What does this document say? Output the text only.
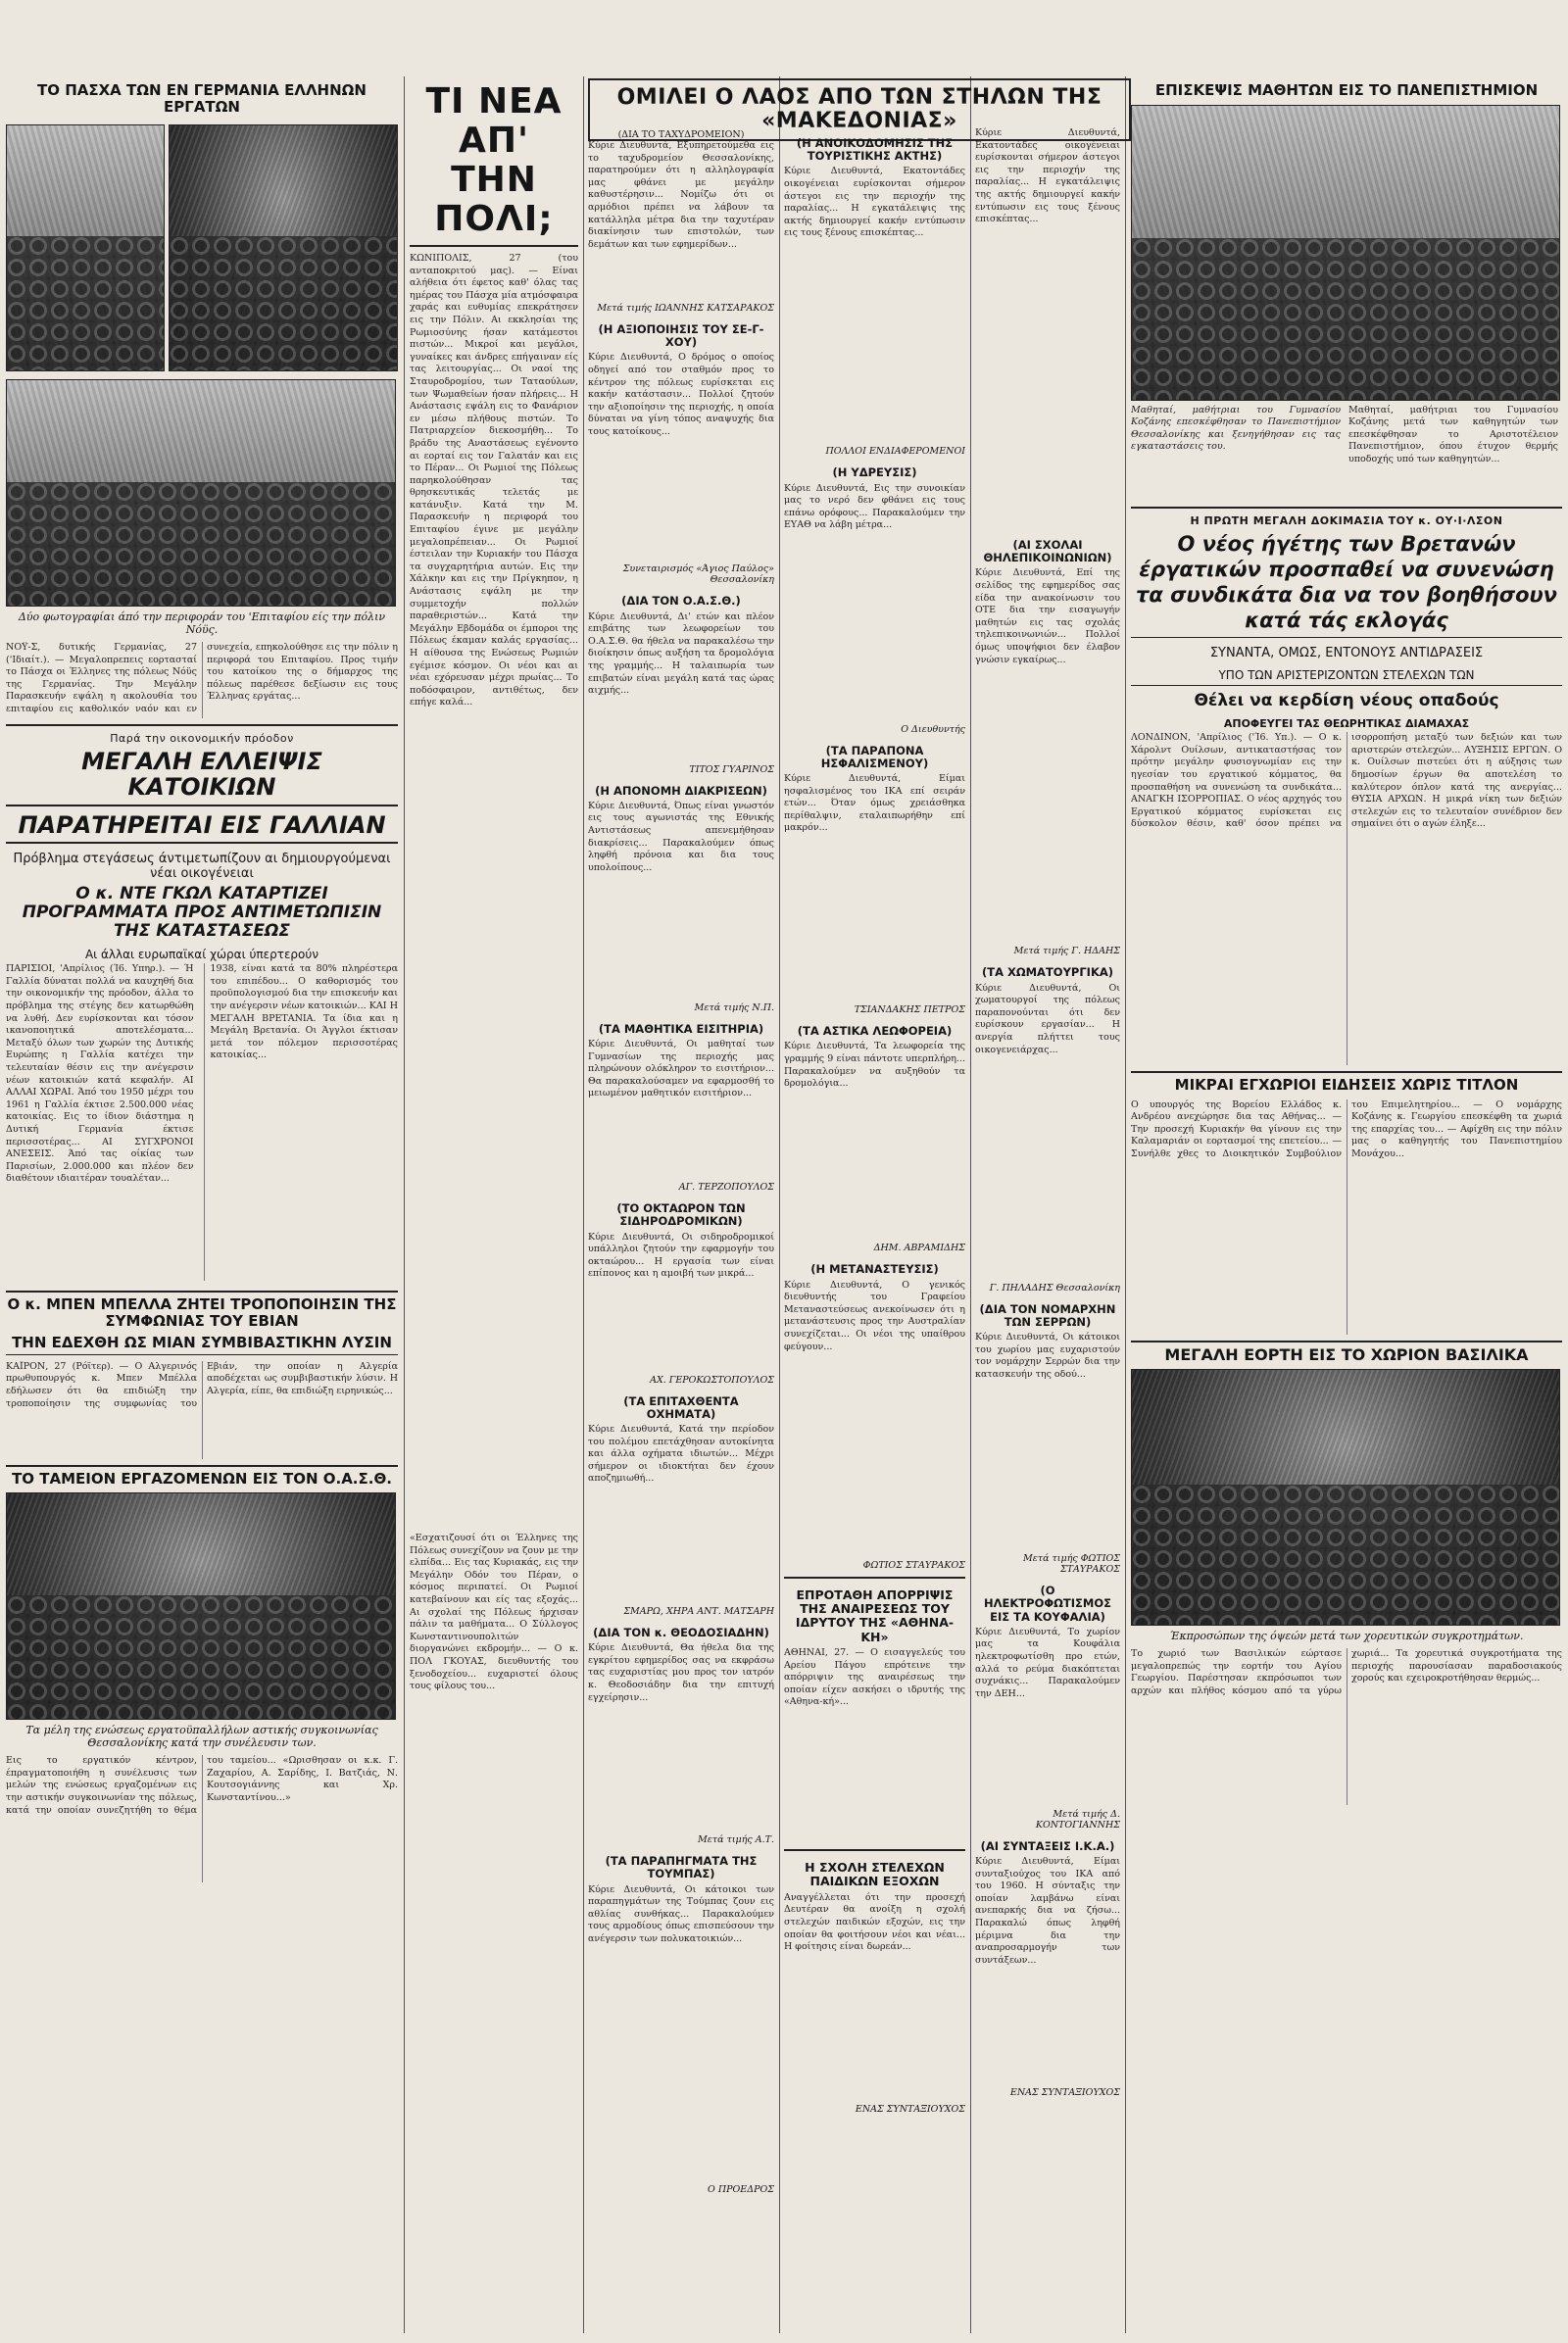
ΤΟ ΠΑΣΧΑ ΤΩΝ ΕΝ ΓΕΡΜΑΝΙΑ ΕΛΛΗΝΩΝ ΕΡΓΑΤΩΝ
Δύο φωτογραφίαι άπό την περιφοράν του 'Επιταφίου είς την πόλιν Νόϋς.

ΝΟΫ-Σ, δυτικής Γερμανίας, 27 ('Ιδιαίτ.). — Μεγαλοπρεπεις εορτασταί το Πάσχα οι Έλληνες της πόλεως Νόϋς της Γερμανίας. Την Μεγάλην Παρασκευήν εψάλη η ακολουθία του επιταφίου εις καθολικόν ναόν και εν συνεχεία, επηκολούθησε εις την πόλιν η περιφορά του Επιταφίου. Προς τιμήν του κατοίκου της ο δήμαρχος της πόλεως παρέθεσε δεξίωσιν εις τους Έλληνας εργάτας...

Παρά την οικονομικήν πρόοδον
ΜΕΓΑΛΗ ΕΛΛΕΙΨΙΣ ΚΑΤΟΙΚΙΩΝ
ΠΑΡΑΤΗΡΕΙΤΑΙ ΕΙΣ ΓΑΛΛΙΑΝ
Πρόβλημα στεγάσεως άντιμετωπίζουν αι δημιουργούμεναι νέαι οικογένειαι
Ο κ. ΝΤΕ ΓΚΩΛ ΚΑΤΑΡΤΙΖΕΙ ΠΡΟΓΡΑΜΜΑΤΑ ΠΡΟΣ ΑΝΤΙΜΕΤΩΠΙΣΙΝ ΤΗΣ ΚΑΤΑΣΤΑΣΕΩΣ
Αι άλλαι ευρωπαϊκαί χώραι ύπερτερούν

ΠΑΡΙΣΙΟΙ, 'Απρίλιος (Ί6. Υπηρ.). — Ή Γαλλία δύναται πολλά να καυχηθή δια την οικονομικήν της πρόοδον, άλλα το πρόβλημα της στέγης δεν κατωρθώθη να λυθή. Δεν ευρίσκονται και τόσον ικανοποιητικά αποτελέσματα... Μεταξύ όλων των χωρών της Δυτικής Ευρώπης η Γαλλία κατέχει την τελευταίαν θέσιν εις την ανέγερσιν νέων κατοικιών κατά κεφαλήν. ΑΙ ΑΛΛΑΙ ΧΩΡΑΙ. Άπό του 1950 μέχρι του 1961 η Γαλλία έκτισε 2.500.000 νέας κατοικίας. Εις το ίδιον διάστημα η Δυτική Γερμανία έκτισε περισσοτέρας... ΑΙ ΣΥΓΧΡΟΝΟΙ ΑΝΕΣΕΙΣ. Άπό τας οίκίας των Παρισίων, 2.000.000 και πλέον δεν διαθέτουν ιδιαιτέραν τουαλέταν...

1938, είναι κατά τα 80% πληρέστερα του επιπέδου... Ο καθορισμός του προϋπολογισμού δια την επισκευήν και την ανέγερσιν νέων κατοικιών... ΚΑΙ Η ΜΕΓΑΛΗ ΒΡΕΤΑΝΙΑ. Τα ίδια και η Μεγάλη Βρετανία. Οι Άγγλοι έκτισαν μετά τον πόλεμον περισσοτέρας κατοικίας...

Ο κ. ΜΠΕΝ ΜΠΕΛΛΑ ΖΗΤΕΙ ΤΡΟΠΟΠΟΙΗΣΙΝ ΤΗΣ ΣΥΜΦΩΝΙΑΣ ΤΟΥ ΕΒΙΑΝ
ΤΗΝ ΕΔΕΧΘΗ ΩΣ ΜΙΑΝ ΣΥΜΒΙΒΑΣΤΙΚΗΝ ΛΥΣΙΝ

ΚΑΪΡΟΝ, 27 (Ρόϊτερ). — Ο Αλγερινός πρωθυπουργός κ. Μπεν Μπέλλα εδήλωσεν ότι θα επιδιώξη την τροποποίησιν της συμφωνίας του Εβιάν, την οποίαν η Αλγερία αποδέχεται ως συμβιβαστικήν λύσιν. Η Αλγερία, είπε, θα επιδιώξη ειρηνικώς...

ΤΟ ΤΑΜΕΙΟΝ ΕΡΓΑΖΟΜΕΝΩΝ ΕΙΣ ΤΟΝ Ο.Α.Σ.Θ.
Τα μέλη της ενώσεως εργατοϋπαλλήλων αστικής συγκοινωνίας Θεσσαλονίκης κατά την συνέλευσιν των.

Εις το εργατικόν κέντρον, έπραγματοποιήθη η συνέλευσις των μελών της ενώσεως εργαζομένων εις την αστικήν συγκοινωνίαν της πόλεως, κατά την οποίαν συνεζητήθη το θέμα του ταμείου... «Ωρισθησαν οι κ.κ. Γ. Ζαχαρίου, Α. Σαρίδης, Ι. Βατζιάς, Ν. Κουτσογιάννης και Χρ. Κωνσταντίνου...»

ΤΙ ΝΕΑ ΑΠ' ΤΗΝ ΠΟΛΙ;

ΚΩΝΙΠΟΛΙΣ, 27 (του ανταποκριτού μας). — Είναι αλήθεια ότι έφετος καθ' όλας τας ημέρας του Πάσχα μία ατμόσφαιρα χαράς και ευθυμίας επεκράτησεν εις την Πόλιν. Αι εκκλησίαι της Ρωμιοσύνης ήσαν κατάμεστοι πιστών... Μικροί και μεγάλοι, γυναίκες και άνδρες επήγαιναν είς τας λειτουργίας... Οι ναοί της Σταυροδρομίου, των Ταταούλων, των Ψωμαθείων ήσαν πλήρεις... Η Ανάστασις εψάλη εις το Φανάριον εν μέσω πλήθους πιστών. Το Πατριαρχείον διεκοσμήθη... Το βράδυ της Αναστάσεως εγένοντο αι εορταί εις τον Γαλατάν και εις το Πέραν... Οι Ρωμιοί της Πόλεως παρηκολούθησαν τας θρησκευτικάς τελετάς με κατάνυξιν. Κατά την Μ. Παρασκευήν η περιφορά του Επιταφίου έγινε με μεγάλην μεγαλοπρέπειαν... Οι Ρωμιοί έστειλαν την Κυριακήν του Πάσχα τα συγχαρητήρια αυτών. Εις την Χάλκην και εις την Πρίγκηπον, η Ανάστασις εψάλη με την συμμετοχήν πολλών παραθεριστών... Κατά την Μεγάλην Εβδομάδα οι έμποροι της Πόλεως έκαμαν καλάς εργασίας... Η αίθουσα της Ενώσεως Ρωμιών εγέμισε κόσμον. Οι νέοι και αι νέαι εχόρευσαν μέχρι πρωίας... Το ποδόσφαιρον, αντιθέτως, δεν επήγε καλά...

«Εσχατιζουσί ότι οι Έλληνες της Πόλεως συνεχίζουν να ζουν με την ελπίδα... Εις τας Κυριακάς, εις την Μεγάλην Οδόν του Πέραν, ο κόσμος περιπατεί. Οι Ρωμιοί κατεβαίνουν και είς τας εξοχάς... Αι σχολαί της Πόλεως ήρχισαν πάλιν τα μαθήματα... Ο Σύλλογος Κωνσταντινουπολιτών διοργανώνει εκδρομήν... — Ο κ. ΠΟΛ ΓΚΟΥΑΣ, διευθυντής του ξενοδοχείου... ευχαριστεί όλους τους φίλους του...

ΟΜΙΛΕΙ Ο ΛΑΟΣ ΑΠΟ ΤΩΝ ΣΤΗΛΩΝ ΤΗΣ «ΜΑΚΕΔΟΝΙΑΣ»
(ΔΙΑ ΤΟ ΤΑΧΥΔΡΟΜΕΙΟΝ)

Κύριε Διευθυντά, Εξυπηρετούμεθα εις το ταχυδρομείον Θεσσαλονίκης, παρατηρούμεν ότι η αλληλογραφία μας φθάνει με μεγάλην καθυστέρησιν... Νομίζω ότι οι αρμόδιοι πρέπει να λάβουν τα κατάλληλα μέτρα δια την ταχυτέραν διακίνησιν των επιστολών, των δεμάτων και των εφημερίδων...

Μετά τιμής ΙΩΑΝΝΗΣ ΚΑΤΣΑΡΑΚΟΣ
(Η ΑΞΙΟΠΟΙΗΣΙΣ ΤΟΥ ΣΕ-Γ-ΧΟΥ)

Κύριε Διευθυντά, Ο δρόμος ο οποίος οδηγεί από τον σταθμόν προς το κέντρον της πόλεως ευρίσκεται εις κακήν κατάστασιν... Πολλοί ζητούν την αξιοποίησιν της περιοχής, η οποία δύναται να γίνη τόπος αναψυχής δια τους κατοίκους...

Συνεταιρισμός «Άγιος Παύλος» Θεσσαλονίκη
(ΔΙΑ ΤΟΝ Ο.Α.Σ.Θ.)

Κύριε Διευθυντά, Δι' ετών και πλέον επιβάτης των λεωφορείων του Ο.Α.Σ.Θ. θα ήθελα να παρακαλέσω την διοίκησιν όπως αυξήση τα δρομολόγια της γραμμής... Η ταλαιπωρία των επιβατών είναι μεγάλη κατά τας ώρας αιχμής...

ΤΙΤΟΣ ΓΥΑΡΙΝΟΣ
(Η ΑΠΟΝΟΜΗ ΔΙΑΚΡΙΣΕΩΝ)

Κύριε Διευθυντά, Όπως είναι γνωστόν εις τους αγωνιστάς της Εθνικής Αντιστάσεως απενεμήθησαν διακρίσεις... Παρακαλούμεν όπως ληφθή πρόνοια και δια τους υπολοίπους...

Μετά τιμής Ν.Π.
(ΤΑ ΜΑΘΗΤΙΚΑ ΕΙΣΙΤΗΡΙΑ)

Κύριε Διευθυντά, Οι μαθηταί των Γυμνασίων της περιοχής μας πληρώνουν ολόκληρον το εισιτήριον... Θα παρακαλούσαμεν να εφαρμοσθή το μειωμένον μαθητικόν εισιτήριον...

ΑΓ. ΤΕΡΖΟΠΟΥΛΟΣ
(ΤΟ ΟΚΤΑΩΡΟΝ ΤΩΝ ΣΙΔΗΡΟΔΡΟΜΙΚΩΝ)

Κύριε Διευθυντά, Οι σιδηροδρομικοί υπάλληλοι ζητούν την εφαρμογήν του οκταώρου... Η εργασία των είναι επίπονος και η αμοιβή των μικρά...

ΑΧ. ΓΕΡΟΚΩΣΤΟΠΟΥΛΟΣ
(ΤΑ ΕΠΙΤΑΧΘΕΝΤΑ ΟΧΗΜΑΤΑ)

Κύριε Διευθυντά, Κατά την περίοδον του πολέμου επετάχθησαν αυτοκίνητα και άλλα οχήματα ιδιωτών... Μέχρι σήμερον οι ιδιοκτήται δεν έχουν αποζημιωθή...

ΣΜΑΡΩ, ΧΗΡΑ ΑΝΤ. ΜΑΤΣΑΡΗ
(ΔΙΑ ΤΟΝ κ. ΘΕΟΔΟΣΙΑΔΗΝ)

Κύριε Διευθυντά, Θα ήθελα δια της εγκρίτου εφημερίδος σας να εκφράσω τας ευχαριστίας μου προς τον ιατρόν κ. Θεοδοσιάδην δια την επιτυχή εγχείρησιν...

Μετά τιμής Α.Τ.
(ΤΑ ΠΑΡΑΠΗΓΜΑΤΑ ΤΗΣ ΤΟΥΜΠΑΣ)

Κύριε Διευθυντά, Οι κάτοικοι των παραπηγμάτων της Τούμπας ζουν εις αθλίας συνθήκας... Παρακαλούμεν τους αρμοδίους όπως επισπεύσουν την ανέγερσιν των πολυκατοικιών...

Ο ΠΡΟΕΔΡΟΣ
(Η ΑΝΟΙΚΟΔΟΜΗΣΙΣ ΤΗΣ ΤΟΥΡΙΣΤΙΚΗΣ ΑΚΤΗΣ)

Κύριε Διευθυντά, Εκατοντάδες οικογένειαι ευρίσκονται σήμερον άστεγοι εις την περιοχήν της παραλίας... Η εγκατάλειψις της ακτής δημιουργεί κακήν εντύπωσιν εις τους ξένους επισκέπτας...

ΠΟΛΛΟΙ ΕΝΔΙΑΦΕΡΟΜΕΝΟΙ
(Η ΥΔΡΕΥΣΙΣ)

Κύριε Διευθυντά, Εις την συνοικίαν μας το νερό δεν φθάνει εις τους επάνω ορόφους... Παρακαλούμεν την ΕΥΑΘ να λάβη μέτρα...

Ο Διευθυντής
(ΤΑ ΠΑΡΑΠΟΝΑ ΗΣΦΑΛΙΣΜΕΝΟΥ)

Κύριε Διευθυντά, Είμαι ησφαλισμένος του ΙΚΑ επί σειράν ετών... Όταν όμως χρειάσθηκα περίθαλψιν, εταλαιπωρήθην επί μακρόν...

ΤΣΙΑΝΔΑΚΗΣ ΠΕΤΡΟΣ
(ΤΑ ΑΣΤΙΚΑ ΛΕΩΦΟΡΕΙΑ)

Κύριε Διευθυντά, Τα λεωφορεία της γραμμής 9 είναι πάντοτε υπερπλήρη... Παρακαλούμεν να αυξηθούν τα δρομολόγια...

ΔΗΜ. ΑΒΡΑΜΙΔΗΣ
(Η ΜΕΤΑΝΑΣΤΕΥΣΙΣ)

Κύριε Διευθυντά, Ο γενικός διευθυντής του Γραφείου Μεταναστεύσεως ανεκοίνωσεν ότι η μετανάστευσις προς την Αυστραλίαν συνεχίζεται... Οι νέοι της υπαίθρου φεύγουν...

ΦΩΤΙΟΣ ΣΤΑΥΡΑΚΟΣ
ΕΠΡΟΤΑΘΗ ΑΠΟΡΡΙΨΙΣ ΤΗΣ ΑΝΑΙΡΕΣΕΩΣ ΤΟΥ ΙΔΡΥΤΟΥ ΤΗΣ «ΑΘΗΝΑ-ΚΗ»

ΑΘΗΝΑΙ, 27. — Ο εισαγγελεύς του Αρείου Πάγου επρότεινε την απόρριψιν της αναιρέσεως την οποίαν είχεν ασκήσει ο ιδρυτής της «Αθηνα-κή»...

Η ΣΧΟΛΗ ΣΤΕΛΕΧΩΝ ΠΑΙΔΙΚΩΝ ΕΞΟΧΩΝ

Αναγγέλλεται ότι την προσεχή Δευτέραν θα ανοίξη η σχολή στελεχών παιδικών εξοχών, εις την οποίαν θα φοιτήσουν νέοι και νέαι... Η φοίτησις είναι δωρεάν...

ΕΝΑΣ ΣΥΝΤΑΞΙΟΥΧΟΣ

Κύριε Διευθυντά, Εκατοντάδες οικογένειαι ευρίσκονται σήμερον άστεγοι εις την περιοχήν της παραλίας... Η εγκατάλειψις της ακτής δημιουργεί κακήν εντύπωσιν εις τους ξένους επισκέπτας...

(ΑΙ ΣΧΟΛΑΙ ΘΗΛΕΠΙΚΟΙΝΩΝΙΩΝ)

Κύριε Διευθυντά, Επί της σελίδος της εφημερίδος σας είδα την ανακοίνωσιν του ΟΤΕ δια την εισαγωγήν μαθητών εις τας σχολάς τηλεπικοινωνιών... Πολλοί όμως υποψήφιοι δεν έλαβον γνώσιν εγκαίρως...

Μετά τιμής Γ. ΗΔΑΗΣ
(ΤΑ ΧΩΜΑΤΟΥΡΓΙΚΑ)

Κύριε Διευθυντά, Οι χωματουργοί της πόλεως παραπονούνται ότι δεν ευρίσκουν εργασίαν... Η ανεργία πλήττει τους οικογενειάρχας...

Γ. ΠΗΛΑΔΗΣ Θεσσαλονίκη
(ΔΙΑ ΤΟΝ ΝΟΜΑΡΧΗΝ ΤΩΝ ΣΕΡΡΩΝ)

Κύριε Διευθυντά, Οι κάτοικοι του χωρίου μας ευχαριστούν τον νομάρχην Σερρών δια την κατασκευήν της οδού...

Μετά τιμής ΦΩΤΙΟΣ ΣΤΑΥΡΑΚΟΣ
(Ο ΗΛΕΚΤΡΟΦΩΤΙΣΜΟΣ ΕΙΣ ΤΑ ΚΟΥΦΑΛΙΑ)

Κύριε Διευθυντά, Το χωρίον μας τα Κουφάλια ηλεκτροφωτίσθη προ ετών, αλλά το ρεύμα διακόπτεται συχνάκις... Παρακαλούμεν την ΔΕΗ...

Μετά τιμής Δ. ΚΟΝΤΟΓΙΑΝΝΗΣ
(ΑΙ ΣΥΝΤΑΞΕΙΣ Ι.Κ.Α.)

Κύριε Διευθυντά, Είμαι συνταξιούχος του ΙΚΑ από του 1960. Η σύνταξις την οποίαν λαμβάνω είναι ανεπαρκής δια να ζήσω... Παρακαλώ όπως ληφθή μέριμνα δια την αναπροσαρμογήν των συντάξεων...

ΕΝΑΣ ΣΥΝΤΑΞΙΟΥΧΟΣ
ΕΠΙΣΚΕΨΙΣ ΜΑΘΗΤΩΝ ΕΙΣ ΤΟ ΠΑΝΕΠΙΣΤΗΜΙΟΝ

Μαθηταί, μαθήτριαι του Γυμνασίου Κοζάνης επεσκέφθησαν το Πανεπιστήμιον Θεσσαλονίκης και ξενηγήθησαν εις τας εγκαταστάσεις του.

Μαθηταί, μαθήτριαι του Γυμνασίου Κοζάνης μετά των καθηγητών των επεσκέφθησαν το Αριστοτέλειον Πανεπιστήμιον, όπου έτυχον θερμής υποδοχής υπό των καθηγητών...

Η ΠΡΩΤΗ ΜΕΓΑΛΗ ΔΟΚΙΜΑΣΙΑ ΤΟΥ κ. ΟΥ·Ι·ΛΣΟΝ
Ο νέος ήγέτης των Βρετανών έργατικών προσπαθεί να συνενώση τα συνδικάτα δια να τον βοηθήσουν κατά τάς εκλογάς
ΣΥΝΑΝΤΑ, ΟΜΩΣ, ΕΝΤΟΝΟΥΣ ΑΝΤΙΔΡΑΣΕΙΣ
ΥΠΟ ΤΩΝ ΑΡΙΣΤΕΡΙΖΟΝΤΩΝ ΣΤΕΛΕΧΩΝ ΤΩΝ
Θέλει να κερδίση νέους οπαδούς
ΑΠΟΦΕΥΓΕΙ ΤΑΣ ΘΕΩΡΗΤΙΚΑΣ ΔΙΑΜΑΧΑΣ

ΛΟΝΔΙΝΟΝ, 'Απρίλιος ('Ί6. Υπ.). — Ο κ. Χάρολντ Ουίλσων, αντικαταστήσας τον πρότην μεγάλην φυσιογνωμίαν εις την ηγεσίαν του εργατικού κόμματος, θα προσπαθήση να συνενώση τα συνδικάτα... ΑΝΑΓΚΗ ΙΣΟΡΡΟΠΙΑΣ. Ο νέος αρχηγός του Εργατικού κόμματος ευρίσκεται εις δύσκολον θέσιν, καθ' όσον πρέπει να ισορροπήση μεταξύ των δεξιών και των αριστερών στελεχών... ΑΥΞΗΣΙΣ ΕΡΓΩΝ. Ο κ. Ουίλσων πιστεύει ότι η αύξησις των δημοσίων έργων θα αποτελέση το καλύτερον όπλον κατά της ανεργίας... ΘΥΣΙΑ ΑΡΧΩΝ. Η μικρά νίκη των δεξιών στελεχών εις το τελευταίον συνέδριον δεν σημαίνει ότι ο αγών έληξε...

ΜΙΚΡΑΙ ΕΓΧΩΡΙΟΙ ΕΙΔΗΣΕΙΣ ΧΩΡΙΣ ΤΙΤΛΟΝ

Ο υπουργός της Βορείου Ελλάδος κ. Ανδρέου ανεχώρησε δια τας Αθήνας... — Την προσεχή Κυριακήν θα γίνουν εις την Καλαμαριάν οι εορτασμοί της επετείου... — Συνήλθε χθες το Διοικητικόν Συμβούλιον του Επιμελητηρίου... — Ο νομάρχης Κοζάνης κ. Γεωργίου επεσκέφθη τα χωριά της επαρχίας του... — Αφίχθη εις την πόλιν μας ο καθηγητής του Πανεπιστημίου Μονάχου...

ΜΕΓΑΛΗ ΕΟΡΤΗ ΕΙΣ ΤΟ ΧΩΡΙΟΝ ΒΑΣΙΛΙΚΑ
Έκπροσώπων της όψεών μετά των χορευτικών συγκροτημάτων.

Το χωριό των Βασιλικών εώρτασε μεγαλοπρεπώς την εορτήν του Αγίου Γεωργίου. Παρέστησαν εκπρόσωποι των αρχών και πλήθος κόσμου από τα γύρω χωριά... Τα χορευτικά συγκροτήματα της περιοχής παρουσίασαν παραδοσιακούς χορούς και εχειροκροτήθησαν θερμώς...
